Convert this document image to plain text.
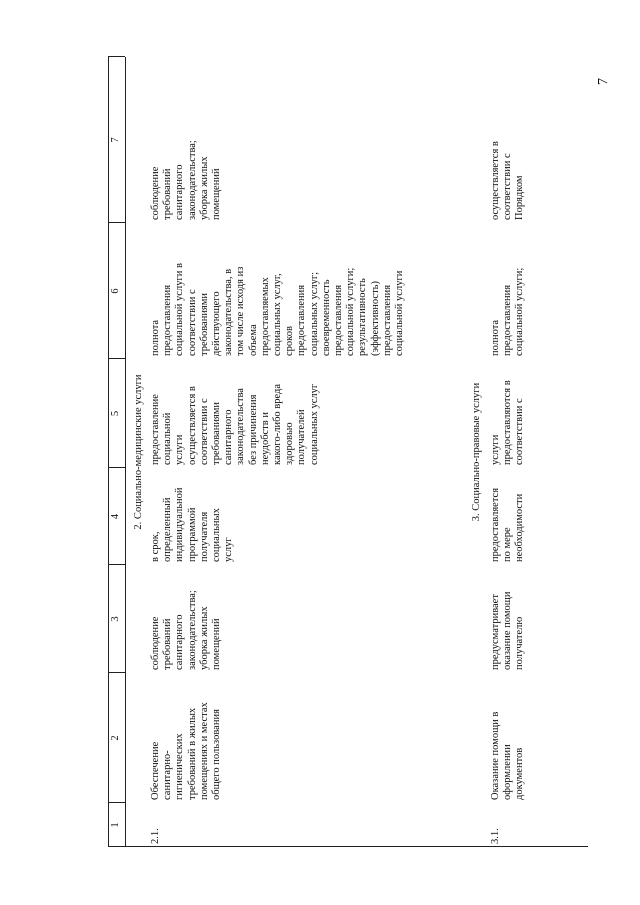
7
1
2
3
4
5
6
7
2. Социально-медицинские услуги
2.1.
Обеспечение
санитарно-
гигиенических
требований в жилых
помещениях и местах
общего пользования
соблюдение
требований
санитарного
законодательства;
уборка жилых
помещений
в срок,
определенный
индивидуальной
программой
получателя
социальных
услуг
предоставление
социальной
услуги
осуществляется в
соответствии с
требованиями
санитарного
законодательства
без причинения
неудобств и
какого-либо вреда
здоровью
получателей
социальных услуг
полнота
предоставления
социальной услуги в
соответствии с
требованиями
действующего
законодательства, в
том числе исходя из
объема
предоставляемых
социальных услуг,
сроков
предоставления
социальных услуг;
своевременность
предоставления
социальной услуги;
результативность
(эффективность)
предоставления
социальной услуги
соблюдение
требований
санитарного
законодательства;
уборка жилых
помещений
3. Социально-правовые услуги
3.1.
Оказание помощи в
оформлении
документов
предусматривает
оказание помощи
получателю
предоставляется
по мере
необходимости
услуги
предоставляются в
соответствии с
полнота
предоставления
социальной услуги;
осуществляется в
соответствии с
Порядком
